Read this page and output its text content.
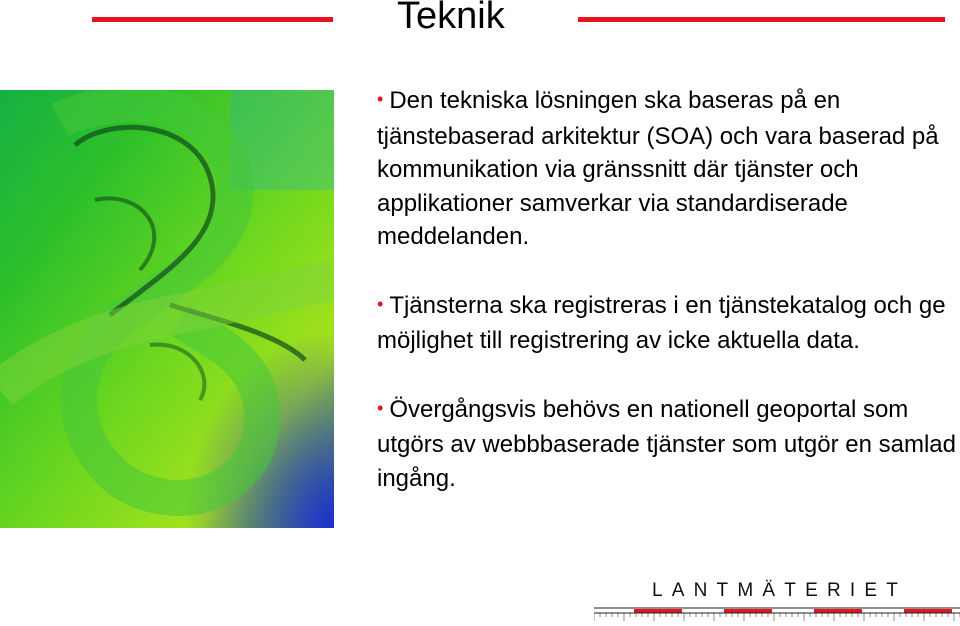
Teknik
• Den tekniska lösningen ska baseras på en tjänstebaserad arkitektur (SOA) och vara baserad på kommunikation via gränssnitt där tjänster och applikationer samverkar via standardiserade meddelanden.
• Tjänsterna ska registreras i en tjänstekatalog och ge möjlighet till registrering av icke aktuella data.
• Övergångsvis behövs en nationell geoportal som utgörs av webbbaserade tjänster som utgör en samlad ingång.
LANTMÄTERIET
